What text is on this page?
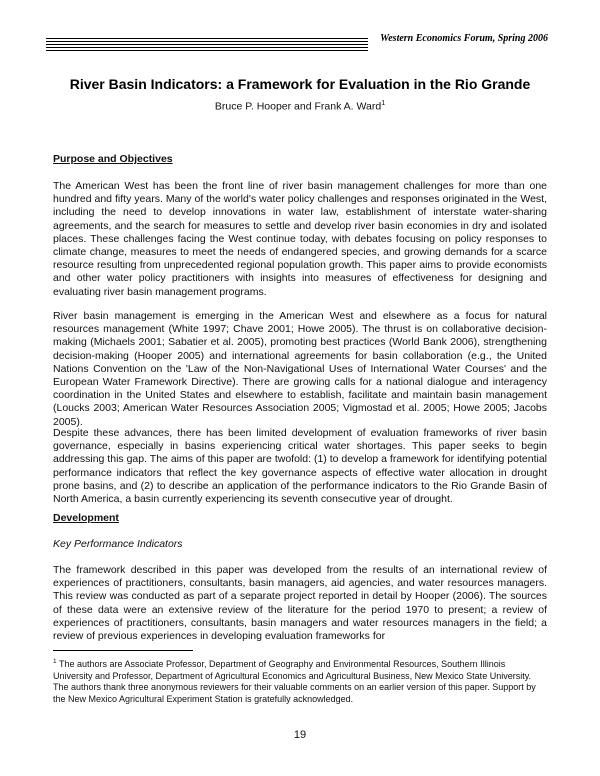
Western Economics Forum, Spring 2006
River Basin Indicators: a Framework for Evaluation in the Rio Grande
Bruce P. Hooper and Frank A. Ward$^1$
Purpose and Objectives
The American West has been the front line of river basin management challenges for more than one hundred and fifty years. Many of the world's water policy challenges and responses originated in the West, including the need to develop innovations in water law, establishment of interstate water-sharing agreements, and the search for measures to settle and develop river basin economies in dry and isolated places. These challenges facing the West continue today, with debates focusing on policy responses to climate change, measures to meet the needs of endangered species, and growing demands for a scarce resource resulting from unprecedented regional population growth. This paper aims to provide economists and other water policy practitioners with insights into measures of effectiveness for designing and evaluating river basin management programs.
River basin management is emerging in the American West and elsewhere as a focus for natural resources management (White 1997; Chave 2001; Howe 2005). The thrust is on collaborative decision-making (Michaels 2001; Sabatier et al. 2005), promoting best practices (World Bank 2006), strengthening decision-making (Hooper 2005) and international agreements for basin collaboration (e.g., the United Nations Convention on the 'Law of the Non-Navigational Uses of International Water Courses' and the European Water Framework Directive). There are growing calls for a national dialogue and interagency coordination in the United States and elsewhere to establish, facilitate and maintain basin management (Loucks 2003; American Water Resources Association 2005; Vigmostad et al. 2005; Howe 2005; Jacobs 2005).
Despite these advances, there has been limited development of evaluation frameworks of river basin governance, especially in basins experiencing critical water shortages. This paper seeks to begin addressing this gap. The aims of this paper are twofold: (1) to develop a framework for identifying potential performance indicators that reflect the key governance aspects of effective water allocation in drought prone basins, and (2) to describe an application of the performance indicators to the Rio Grande Basin of North America, a basin currently experiencing its seventh consecutive year of drought.
Development
Key Performance Indicators
The framework described in this paper was developed from the results of an international review of experiences of practitioners, consultants, basin managers, aid agencies, and water resources managers. This review was conducted as part of a separate project reported in detail by Hooper (2006). The sources of these data were an extensive review of the literature for the period 1970 to present; a review of experiences of practitioners, consultants, basin managers and water resources managers in the field; a review of previous experiences in developing evaluation frameworks for
$^1$ The authors are Associate Professor, Department of Geography and Environmental Resources, Southern Illinois University and Professor, Department of Agricultural Economics and Agricultural Business, New Mexico State University. The authors thank three anonymous reviewers for their valuable comments on an earlier version of this paper. Support by the New Mexico Agricultural Experiment Station is gratefully acknowledged.
19
